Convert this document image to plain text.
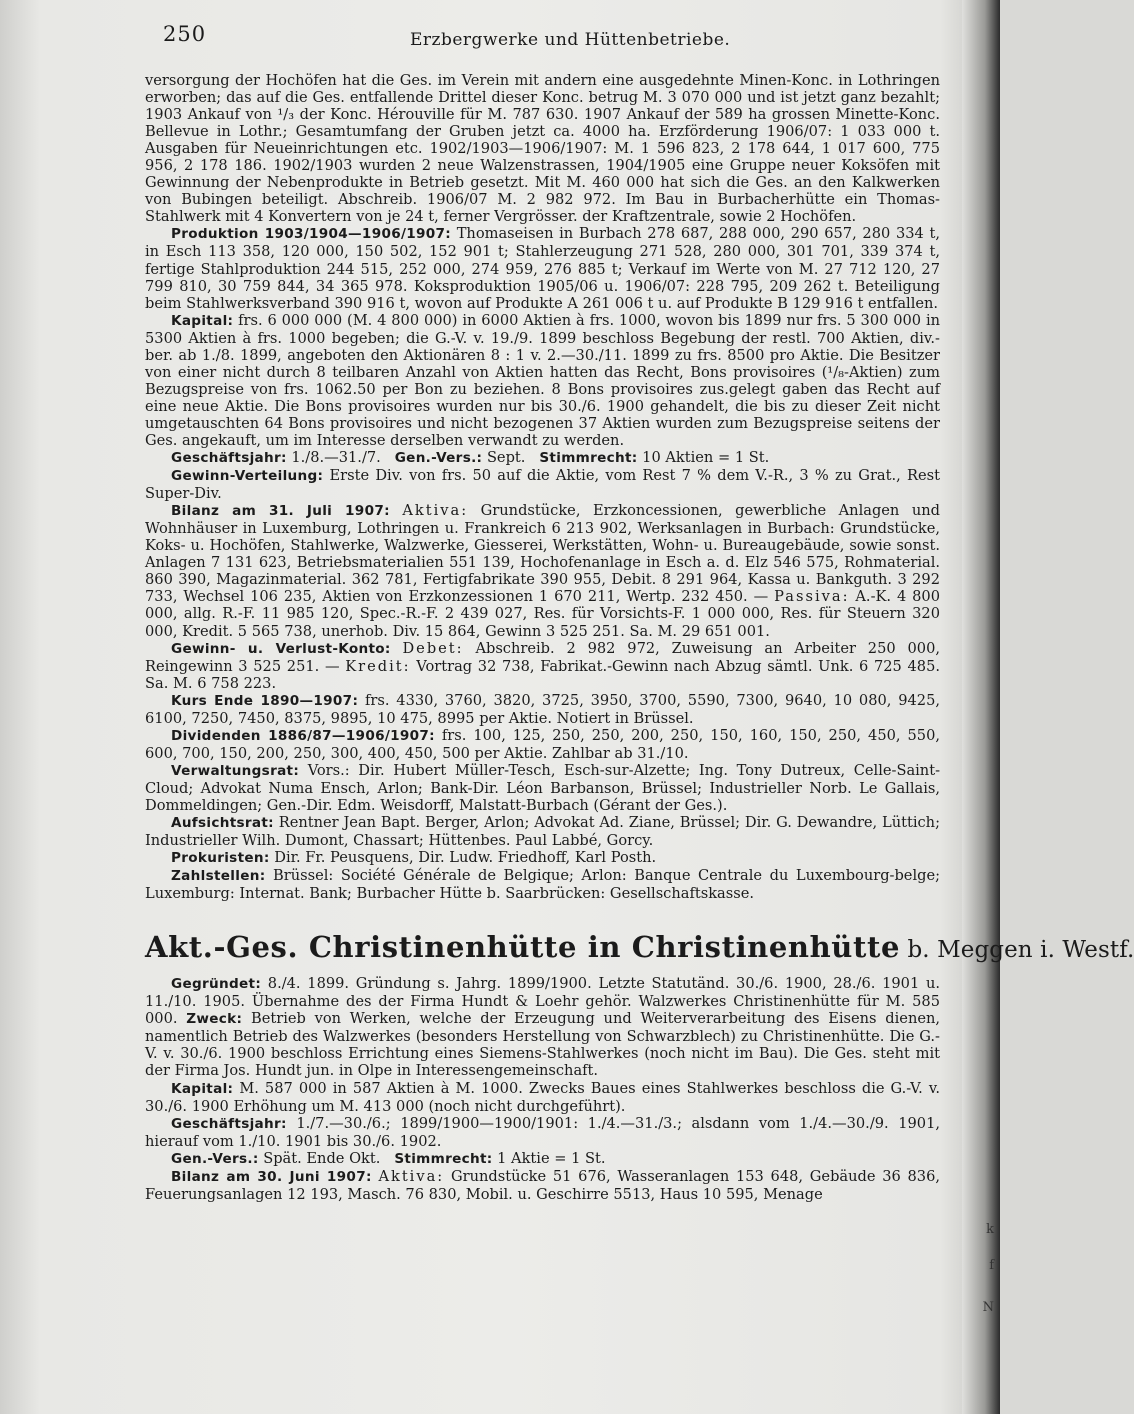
k
f
N
250	Erzbergwerke und Hüttenbetriebe.

versorgung der Hochöfen hat die Ges. im Verein mit andern eine ausgedehnte Minen-Konc. in Lothringen erworben; das auf die Ges. entfallende Drittel dieser Konc. betrug M. 3 070 000 und ist jetzt ganz bezahlt; 1903 Ankauf von ¹/₃ der Konc. Hérouville für M. 787 630. 1907 Ankauf der 589 ha grossen Minette-Konc. Bellevue in Lothr.; Gesamtumfang der Gruben jetzt ca. 4000 ha. Erzförderung 1906/07: 1 033 000 t. Ausgaben für Neueinrichtungen etc. 1902/1903—1906/1907: M. 1 596 823, 2 178 644, 1 017 600, 775 956, 2 178 186. 1902/1903 wurden 2 neue Walzenstrassen, 1904/1905 eine Gruppe neuer Koksöfen mit Gewinnung der Nebenprodukte in Betrieb gesetzt. Mit M. 460 000 hat sich die Ges. an den Kalkwerken von Bubingen beteiligt. Abschreib. 1906/07 M. 2 982 972. Im Bau in Burbacherhütte ein Thomas-Stahlwerk mit 4 Konvertern von je 24 t, ferner Vergrösser. der Kraftzentrale, sowie 2 Hochöfen.

Produktion 1903/1904—1906/1907: Thomaseisen in Burbach 278 687, 288 000, 290 657, 280 334 t, in Esch 113 358, 120 000, 150 502, 152 901 t; Stahlerzeugung 271 528, 280 000, 301 701, 339 374 t, fertige Stahlproduktion 244 515, 252 000, 274 959, 276 885 t; Verkauf im Werte von M. 27 712 120, 27 799 810, 30 759 844, 34 365 978. Koksproduktion 1905/06 u. 1906/07: 228 795, 209 262 t. Beteiligung beim Stahlwerksverband 390 916 t, wovon auf Produkte A 261 006 t u. auf Produkte B 129 916 t entfallen.

Kapital: frs. 6 000 000 (M. 4 800 000) in 6000 Aktien à frs. 1000, wovon bis 1899 nur frs. 5 300 000 in 5300 Aktien à frs. 1000 begeben; die G.-V. v. 19./9. 1899 beschloss Begebung der restl. 700 Aktien, div.-ber. ab 1./8. 1899, angeboten den Aktionären 8 : 1 v. 2.—30./11. 1899 zu frs. 8500 pro Aktie. Die Besitzer von einer nicht durch 8 teilbaren Anzahl von Aktien hatten das Recht, Bons provisoires (¹/₈-Aktien) zum Bezugspreise von frs. 1062.50 per Bon zu beziehen. 8 Bons provisoires zus.gelegt gaben das Recht auf eine neue Aktie. Die Bons provisoires wurden nur bis 30./6. 1900 gehandelt, die bis zu dieser Zeit nicht umgetauschten 64 Bons provisoires und nicht bezogenen 37 Aktien wurden zum Bezugspreise seitens der Ges. angekauft, um im Interesse derselben verwandt zu werden.

Geschäftsjahr: 1./8.—31./7. Gen.-Vers.: Sept. Stimmrecht: 10 Aktien = 1 St.

Gewinn-Verteilung: Erste Div. von frs. 50 auf die Aktie, vom Rest 7 % dem V.-R., 3 % zu Grat., Rest Super-Div.

Bilanz am 31. Juli 1907: Aktiva: Grundstücke, Erzkoncessionen, gewerbliche Anlagen und Wohnhäuser in Luxemburg, Lothringen u. Frankreich 6 213 902, Werksanlagen in Burbach: Grundstücke, Koks- u. Hochöfen, Stahlwerke, Walzwerke, Giesserei, Werkstätten, Wohn- u. Bureaugebäude, sowie sonst. Anlagen 7 131 623, Betriebsmaterialien 551 139, Hochofenanlage in Esch a. d. Elz 546 575, Rohmaterial. 860 390, Magazinmaterial. 362 781, Fertigfabrikate 390 955, Debit. 8 291 964, Kassa u. Bankguth. 3 292 733, Wechsel 106 235, Aktien von Erzkonzessionen 1 670 211, Wertp. 232 450. — Passiva: A.-K. 4 800 000, allg. R.-F. 11 985 120, Spec.-R.-F. 2 439 027, Res. für Vorsichts-F. 1 000 000, Res. für Steuern 320 000, Kredit. 5 565 738, unerhob. Div. 15 864, Gewinn 3 525 251. Sa. M. 29 651 001.

Gewinn- u. Verlust-Konto: Debet: Abschreib. 2 982 972, Zuweisung an Arbeiter 250 000, Reingewinn 3 525 251. — Kredit: Vortrag 32 738, Fabrikat.-Gewinn nach Abzug sämtl. Unk. 6 725 485. Sa. M. 6 758 223.

Kurs Ende 1890—1907: frs. 4330, 3760, 3820, 3725, 3950, 3700, 5590, 7300, 9640, 10 080, 9425, 6100, 7250, 7450, 8375, 9895, 10 475, 8995 per Aktie. Notiert in Brüssel.

Dividenden 1886/87—1906/1907: frs. 100, 125, 250, 250, 200, 250, 150, 160, 150, 250, 450, 550, 600, 700, 150, 200, 250, 300, 400, 450, 500 per Aktie. Zahlbar ab 31./10.

Verwaltungsrat: Vors.: Dir. Hubert Müller-Tesch, Esch-sur-Alzette; Ing. Tony Dutreux, Celle-Saint-Cloud; Advokat Numa Ensch, Arlon; Bank-Dir. Léon Barbanson, Brüssel; Industrieller Norb. Le Gallais, Dommeldingen; Gen.-Dir. Edm. Weisdorff, Malstatt-Burbach (Gérant der Ges.).

Aufsichtsrat: Rentner Jean Bapt. Berger, Arlon; Advokat Ad. Ziane, Brüssel; Dir. G. Dewandre, Lüttich; Industrieller Wilh. Dumont, Chassart; Hüttenbes. Paul Labbé, Gorcy.

Prokuristen: Dir. Fr. Peusquens, Dir. Ludw. Friedhoff, Karl Posth.

Zahlstellen: Brüssel: Société Générale de Belgique; Arlon: Banque Centrale du Luxembourg-belge; Luxemburg: Internat. Bank; Burbacher Hütte b. Saarbrücken: Gesellschaftskasse.

Akt.-Ges. Christinenhütte in Christinenhütte b. Meggen i. Westf.

Gegründet: 8./4. 1899. Gründung s. Jahrg. 1899/1900. Letzte Statutänd. 30./6. 1900, 28./6. 1901 u. 11./10. 1905. Übernahme des der Firma Hundt & Loehr gehör. Walzwerkes Christinenhütte für M. 585 000. Zweck: Betrieb von Werken, welche der Erzeugung und Weiterverarbeitung des Eisens dienen, namentlich Betrieb des Walzwerkes (besonders Herstellung von Schwarzblech) zu Christinenhütte. Die G.-V. v. 30./6. 1900 beschloss Errichtung eines Siemens-Stahlwerkes (noch nicht im Bau). Die Ges. steht mit der Firma Jos. Hundt jun. in Olpe in Interessengemeinschaft.

Kapital: M. 587 000 in 587 Aktien à M. 1000. Zwecks Baues eines Stahlwerkes beschloss die G.-V. v. 30./6. 1900 Erhöhung um M. 413 000 (noch nicht durchgeführt).

Geschäftsjahr: 1./7.—30./6.; 1899/1900—1900/1901: 1./4.—31./3.; alsdann vom 1./4.—30./9. 1901, hierauf vom 1./10. 1901 bis 30./6. 1902.

Gen.-Vers.: Spät. Ende Okt. Stimmrecht: 1 Aktie = 1 St.

Bilanz am 30. Juni 1907: Aktiva: Grundstücke 51 676, Wasseranlagen 153 648, Gebäude 36 836, Feuerungsanlagen 12 193, Masch. 76 830, Mobil. u. Geschirre 5513, Haus 10 595, Menage
